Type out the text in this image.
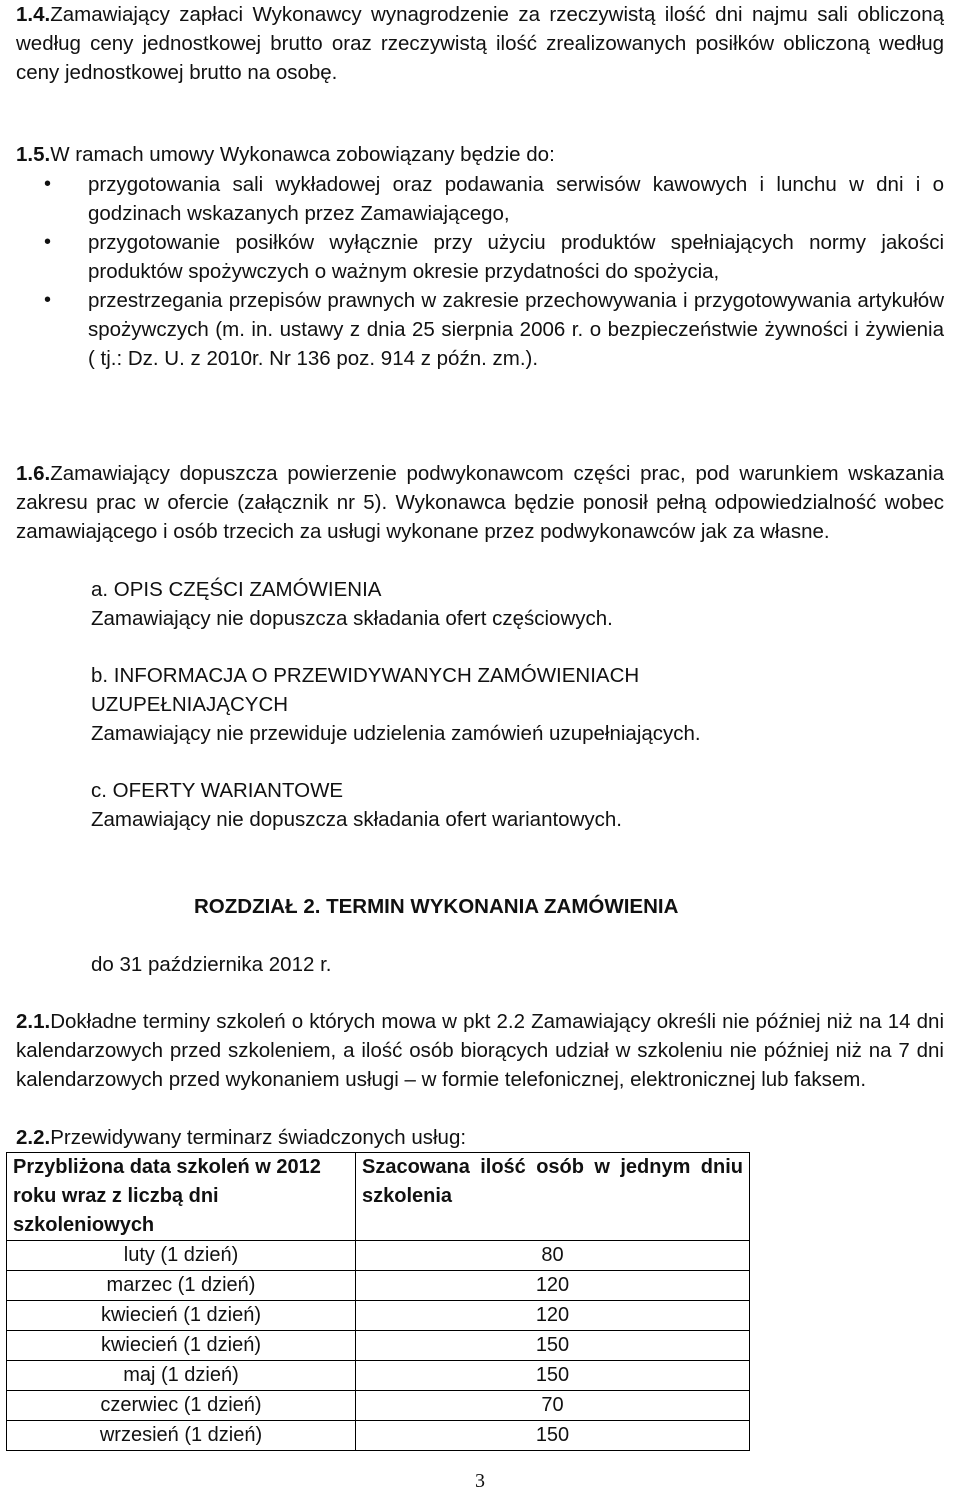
1.4.Zamawiający zapłaci Wykonawcy wynagrodzenie za rzeczywistą ilość dni najmu sali obliczoną według ceny jednostkowej brutto oraz rzeczywistą ilość zrealizowanych posiłków obliczoną według ceny jednostkowej brutto na osobę.
1.5.W ramach umowy Wykonawca zobowiązany będzie do:
• przygotowania sali wykładowej oraz podawania serwisów kawowych i lunchu w dni i o godzinach wskazanych przez Zamawiającego,
• przygotowanie posiłków wyłącznie przy użyciu produktów spełniających normy jakości produktów spożywczych o ważnym okresie przydatności do spożycia,
• przestrzegania przepisów prawnych w zakresie przechowywania i przygotowywania artykułów spożywczych (m. in. ustawy z dnia 25 sierpnia 2006 r. o bezpieczeństwie żywności i żywienia ( tj.: Dz. U. z 2010r. Nr 136 poz. 914 z późn. zm.).
1.6.Zamawiający dopuszcza powierzenie podwykonawcom części prac, pod warunkiem wskazania zakresu prac w ofercie (załącznik nr 5). Wykonawca będzie ponosił pełną odpowiedzialność wobec zamawiającego i osób trzecich za usługi wykonane przez podwykonawców jak za własne.
a. OPIS CZĘŚCI ZAMÓWIENIA
Zamawiający nie dopuszcza składania ofert częściowych.
b. INFORMACJA O PRZEWIDYWANYCH ZAMÓWIENIACH UZUPEŁNIAJĄCYCH
Zamawiający nie przewiduje udzielenia zamówień uzupełniających.
c. OFERTY WARIANTOWE
Zamawiający nie dopuszcza składania ofert wariantowych.
ROZDZIAŁ 2. TERMIN WYKONANIA ZAMÓWIENIA
do 31 października 2012 r.
2.1.Dokładne terminy szkoleń o których mowa w pkt 2.2 Zamawiający określi nie później niż na 14 dni kalendarzowych przed szkoleniem, a ilość osób biorących udział w szkoleniu nie później niż na 7 dni kalendarzowych przed wykonaniem usługi – w formie telefonicznej, elektronicznej lub faksem.
2.2.Przewidywany terminarz świadczonych usług:
Przybliżona data szkoleń w 2012 roku wraz z liczbą dni szkoleniowych	Szacowana ilość osób w jednym dniu szkolenia
luty (1 dzień)	80
marzec (1 dzień)	120
kwiecień (1 dzień)	120
kwiecień (1 dzień)	150
maj (1 dzień)	150
czerwiec (1 dzień)	70
wrzesień (1 dzień)	150
3
